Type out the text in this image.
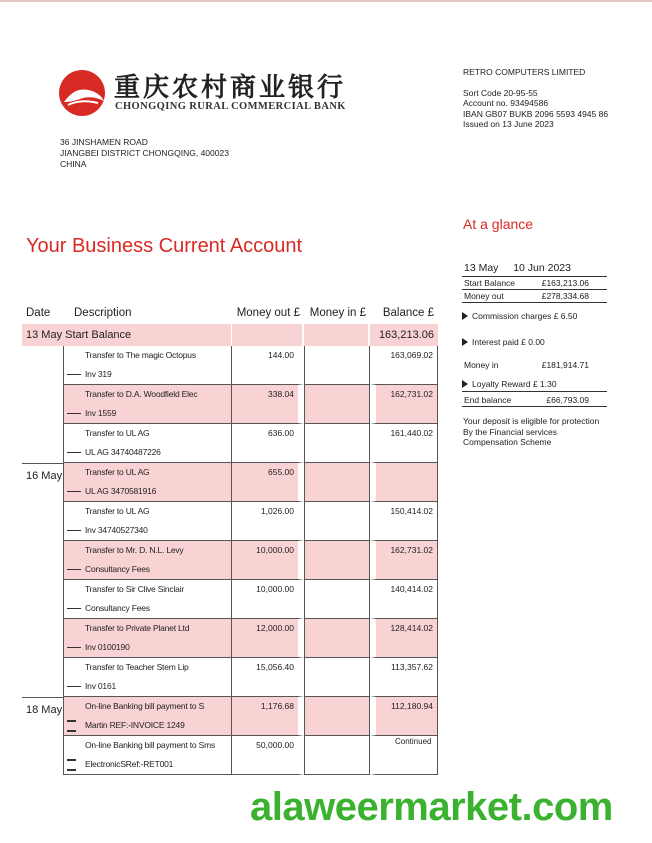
重庆农村商业银行
CHONGQING RURAL COMMERCIAL BANK
36 JINSHAMEN ROAD
JIANGBEI DISTRICT CHONGQING, 400023
CHINA
RETRO COMPUTERS LIMITED
Sort Code 20-95-55
Account no. 93494586
IBAN GB07 BUKB 2096 5593 4945 86
Issued on 13 June 2023
Your Business Current Account
At a glance
Date	Description	Money out £	Money in £	Balance £
13 May Start Balance				163,213.06

	Transfer to The magic Octopus
Inv 319	144.00		163,069.02

	Transfer to D.A. Woodfield Elec
Inv 1559	338.04		162,731.02

	Transfer to UL AG
UL AG 34740487226	636.00		161,440.02
16 May	Transfer to UL AG
UL AG 3470581916	655.00		

	Transfer to UL AG
Inv 34740527340	1,026.00		150,414.02

	Transfer to Mr. D. N.L. Levy
Consultancy Fees	10,000.00		162,731.02

	Transfer to Sir Clive Sinclair
Consultancy Fees	10,000.00		140,414.02

	Transfer to Private Planet Ltd
Inv 0100190	12,000.00		128,414.02

	Transfer to Teacher Stem Lip
Inv 0161	15,056.40		113,357.62
18 May	On-line Banking bill payment to S
Martin REF:-INVOICE 1249	1,176.68		112,180.94

	On-line Banking bill payment to Sms
ElectronicSRef:-RET001	50,000.00			Continued
13 May 10 Jun 2023
Start Balance	£163,213.06
Money out	£278,334.68
Commission charges £ 6.50
Interest paid £ 0.00
Money in	£181,914.71
Loyalty Reward £ 1.30
End balance	£66,793.09
Your deposit is eligible for protection
By the Financial services
Compensation Scheme
alaweermarket.com
